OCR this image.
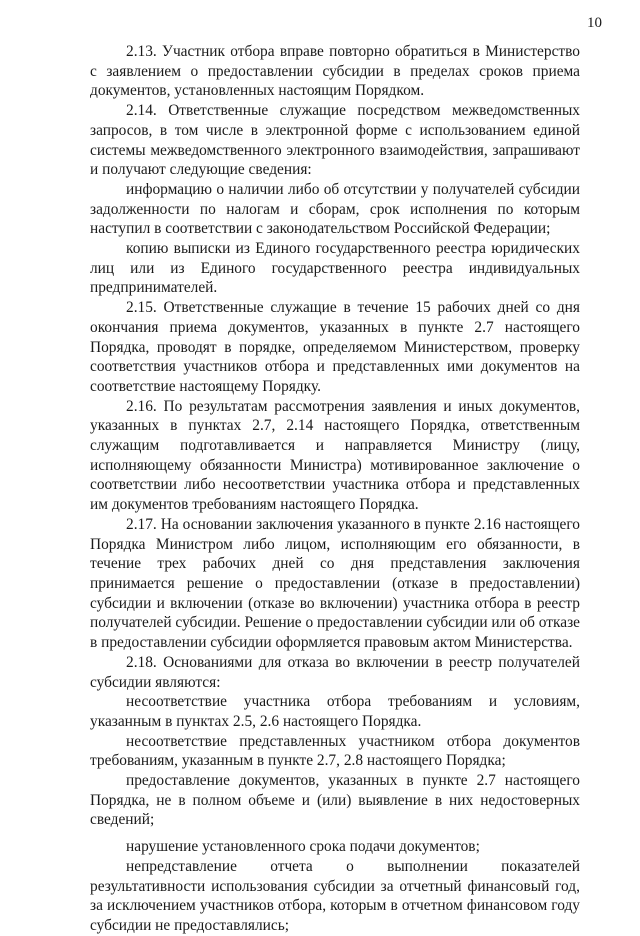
10

2.13. Участник отбора вправе повторно обратиться в Министерство с заявлением о предоставлении субсидии в пределах сроков приема документов, установленных настоящим Порядком.

2.14. Ответственные служащие посредством межведомственных запросов, в том числе в электронной форме с использованием единой системы межведомственного электронного взаимодействия, запрашивают и получают следующие сведения:

информацию о наличии либо об отсутствии у получателей субсидии задолженности по налогам и сборам, срок исполнения по которым наступил в соответствии с законодательством Российской Федерации;

копию выписки из Единого государственного реестра юридических лиц или из Единого государственного реестра индивидуальных предпринимателей.

2.15. Ответственные служащие в течение 15 рабочих дней со дня окончания приема документов, указанных в пункте 2.7 настоящего Порядка, проводят в порядке, определяемом Министерством, проверку соответствия участников отбора и представленных ими документов на соответствие настоящему Порядку.

2.16. По результатам рассмотрения заявления и иных документов, указанных в пунктах 2.7, 2.14 настоящего Порядка, ответственным служащим подготавливается и направляется Министру (лицу, исполняющему обязанности Министра) мотивированное заключение о соответствии либо несоответствии участника отбора и представленных им документов требованиям настоящего Порядка.

2.17. На основании заключения указанного в пункте 2.16 настоящего Порядка Министром либо лицом, исполняющим его обязанности, в течение трех рабочих дней со дня представления заключения принимается решение о предоставлении (отказе в предоставлении) субсидии и включении (отказе во включении) участника отбора в реестр получателей субсидии. Решение о предоставлении субсидии или об отказе в предоставлении субсидии оформляется правовым актом Министерства.

2.18. Основаниями для отказа во включении в реестр получателей субсидии являются:

несоответствие участника отбора требованиям и условиям, указанным в пунктах 2.5, 2.6 настоящего Порядка.

несоответствие представленных участником отбора документов требованиям, указанным в пункте 2.7, 2.8 настоящего Порядка;

предоставление документов, указанных в пункте 2.7 настоящего Порядка, не в полном объеме и (или) выявление в них недостоверных сведений;

нарушение установленного срока подачи документов;

непредставление отчета о выполнении показателей результативности использования субсидии за отчетный финансовый год, за исключением участников отбора, которым в отчетном финансовом году субсидии не предоставлялись;
